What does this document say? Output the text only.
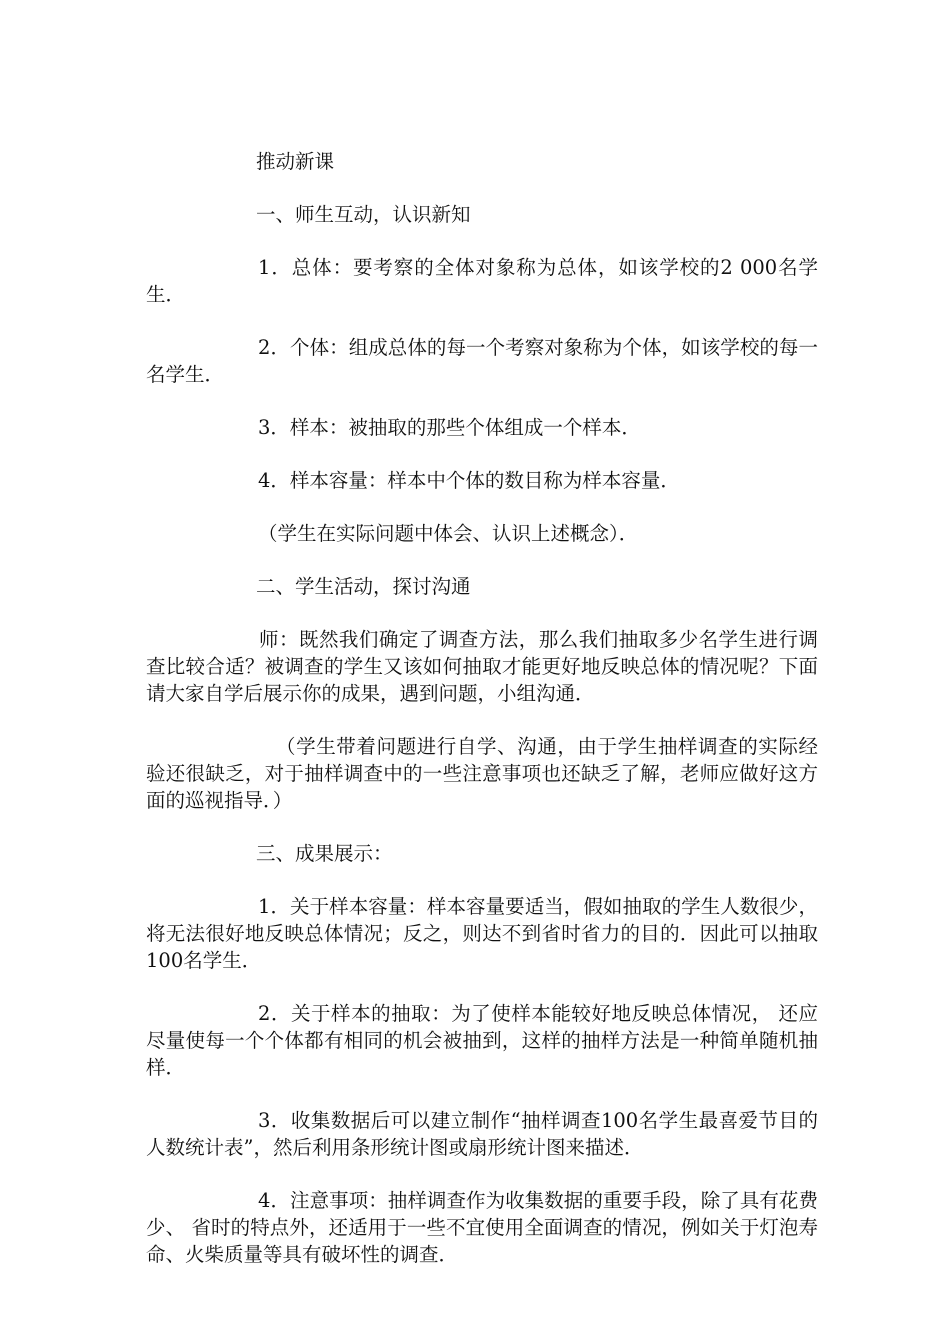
推动新课

一、师生互动，认识新知

1．总体：要考察的全体对象称为总体，如该学校的2 000名学生．

2．个体：组成总体的每一个考察对象称为个体，如该学校的每一名学生．

3．样本：被抽取的那些个体组成一个样本．

4．样本容量：样本中个体的数目称为样本容量．

（学生在实际问题中体会、认识上述概念）．

二、学生活动，探讨沟通

师：既然我们确定了调查方法，那么我们抽取多少名学生进行调查比较合适？被调查的学生又该如何抽取才能更好地反映总体的情况呢？下面请大家自学后展示你的成果，遇到问题，小组沟通．

（学生带着问题进行自学、沟通，由于学生抽样调查的实际经验还很缺乏，对于抽样调查中的一些注意事项也还缺乏了解，老师应做好这方面的巡视指导．）

三、成果展示：

1．关于样本容量：样本容量要适当，假如抽取的学生人数很少， 将无法很好地反映总体情况；反之，则达不到省时省力的目的．因此可以抽取100名学生．

2．关于样本的抽取：为了使样本能较好地反映总体情况， 还应尽量使每一个个体都有相同的机会被抽到，这样的抽样方法是一种简单随机抽样．

3．收集数据后可以建立制作“抽样调查100名学生最喜爱节目的人数统计表”，然后利用条形统计图或扇形统计图来描述．

4．注意事项：抽样调查作为收集数据的重要手段，除了具有花费少、 省时的特点外，还适用于一些不宜使用全面调查的情况，例如关于灯泡寿命、火柴质量等具有破坏性的调查．
